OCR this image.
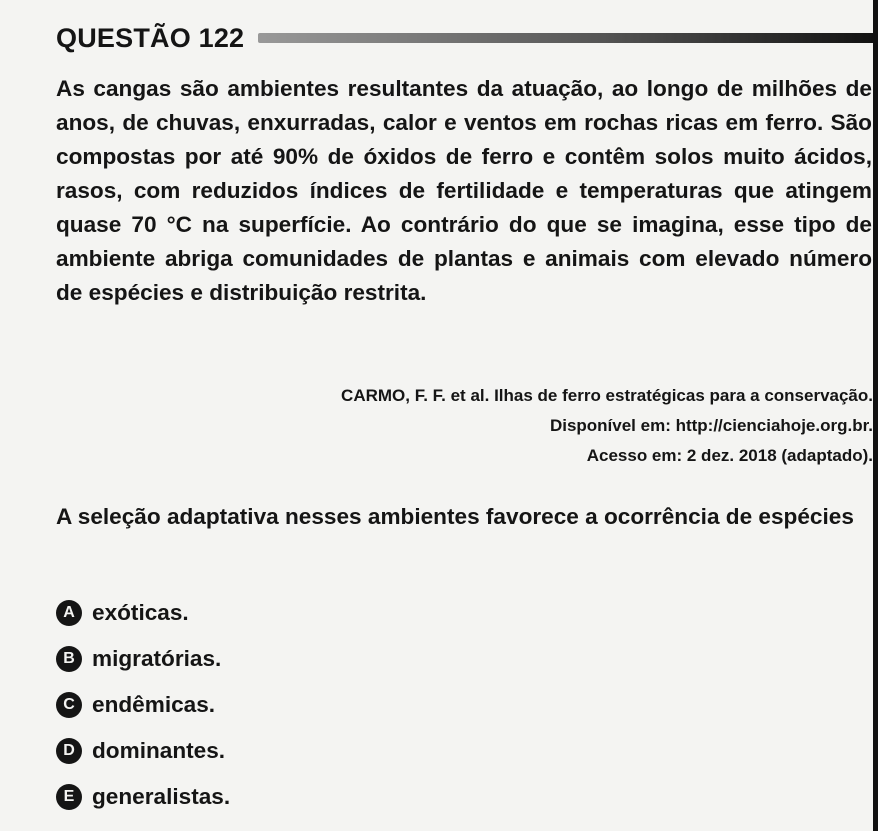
QUESTÃO 122

As cangas são ambientes resultantes da atuação, ao longo de milhões de anos, de chuvas, enxurradas, calor e ventos em rochas ricas em ferro. São compostas por até 90% de óxidos de ferro e contêm solos muito ácidos, rasos, com reduzidos índices de fertilidade e temperaturas que atingem quase 70 °C na superfície. Ao contrário do que se imagina, esse tipo de ambiente abriga comunidades de plantas e animais com elevado número de espécies e distribuição restrita.

CARMO, F. F. et al. Ilhas de ferro estratégicas para a conservação.
Disponível em: http://cienciahoje.org.br.
Acesso em: 2 dez. 2018 (adaptado).

A seleção adaptativa nesses ambientes favorece a ocorrência de espécies

A exóticas.
B migratórias.
C endêmicas.
D dominantes.
E generalistas.
